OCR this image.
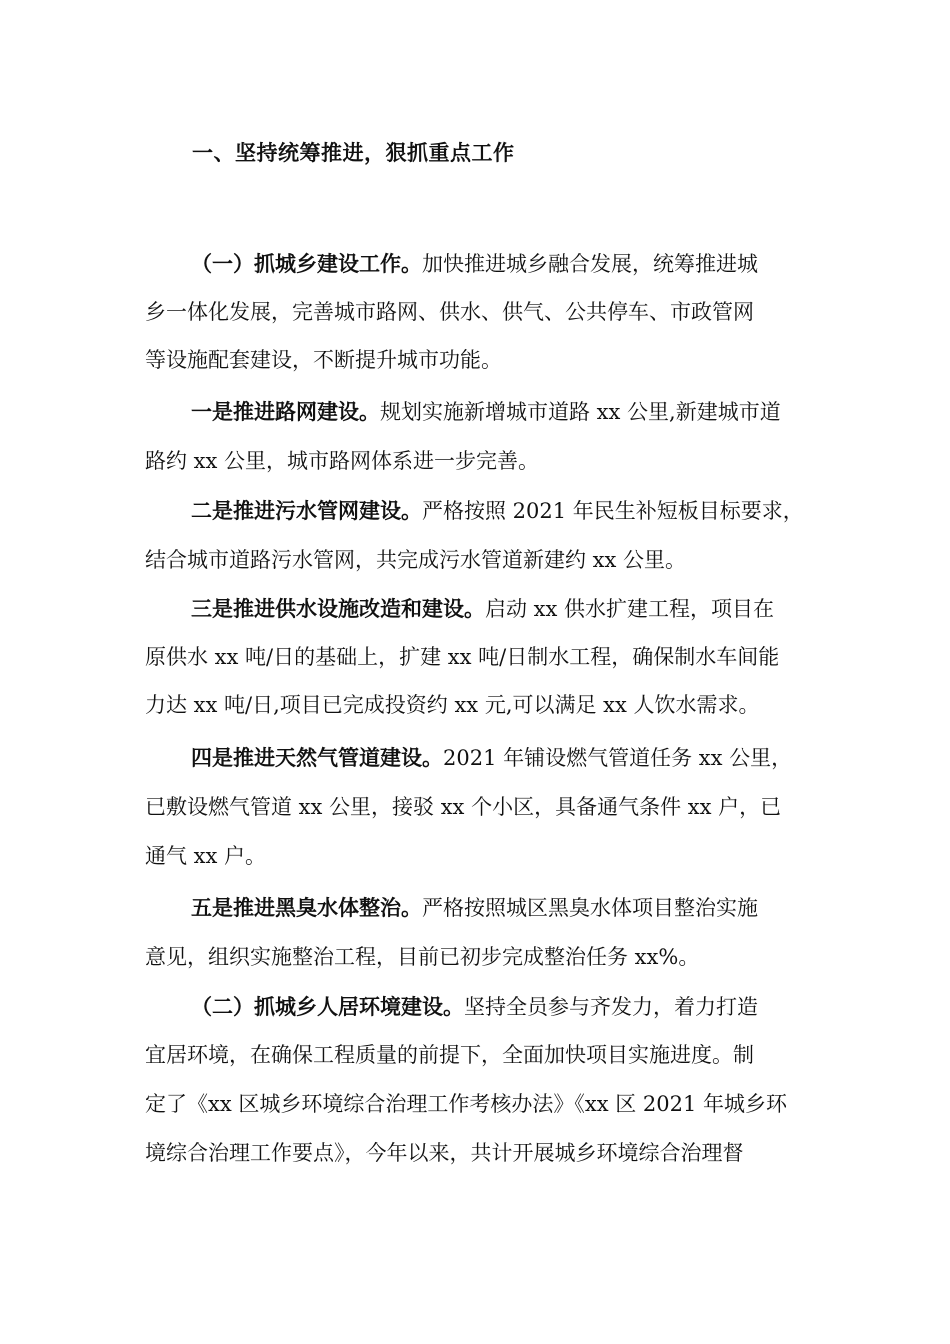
一、坚持统筹推进，狠抓重点工作
（一）抓城乡建设工作。加快推进城乡融合发展，统筹推进城
乡一体化发展，完善城市路网、供水、供气、公共停车、市政管网
等设施配套建设，不断提升城市功能。
一是推进路网建设。规划实施新增城市道路 xx 公里,新建城市道
路约 xx 公里，城市路网体系进一步完善。
二是推进污水管网建设。严格按照 2021 年民生补短板目标要求，
结合城市道路污水管网，共完成污水管道新建约 xx 公里。
三是推进供水设施改造和建设。启动 xx 供水扩建工程，项目在
原供水 xx 吨/日的基础上，扩建 xx 吨/日制水工程，确保制水车间能
力达 xx 吨/日,项目已完成投资约 xx 元,可以满足 xx 人饮水需求。
四是推进天然气管道建设。2021 年铺设燃气管道任务 xx 公里，
已敷设燃气管道 xx 公里，接驳 xx 个小区，具备通气条件 xx 户，已
通气 xx 户。
五是推进黑臭水体整治。严格按照城区黑臭水体项目整治实施
意见，组织实施整治工程，目前已初步完成整治任务 xx%。
（二）抓城乡人居环境建设。坚持全员参与齐发力，着力打造
宜居环境，在确保工程质量的前提下，全面加快项目实施进度。制
定了《xx 区城乡环境综合治理工作考核办法》《xx 区 2021 年城乡环
境综合治理工作要点》，今年以来，共计开展城乡环境综合治理督
